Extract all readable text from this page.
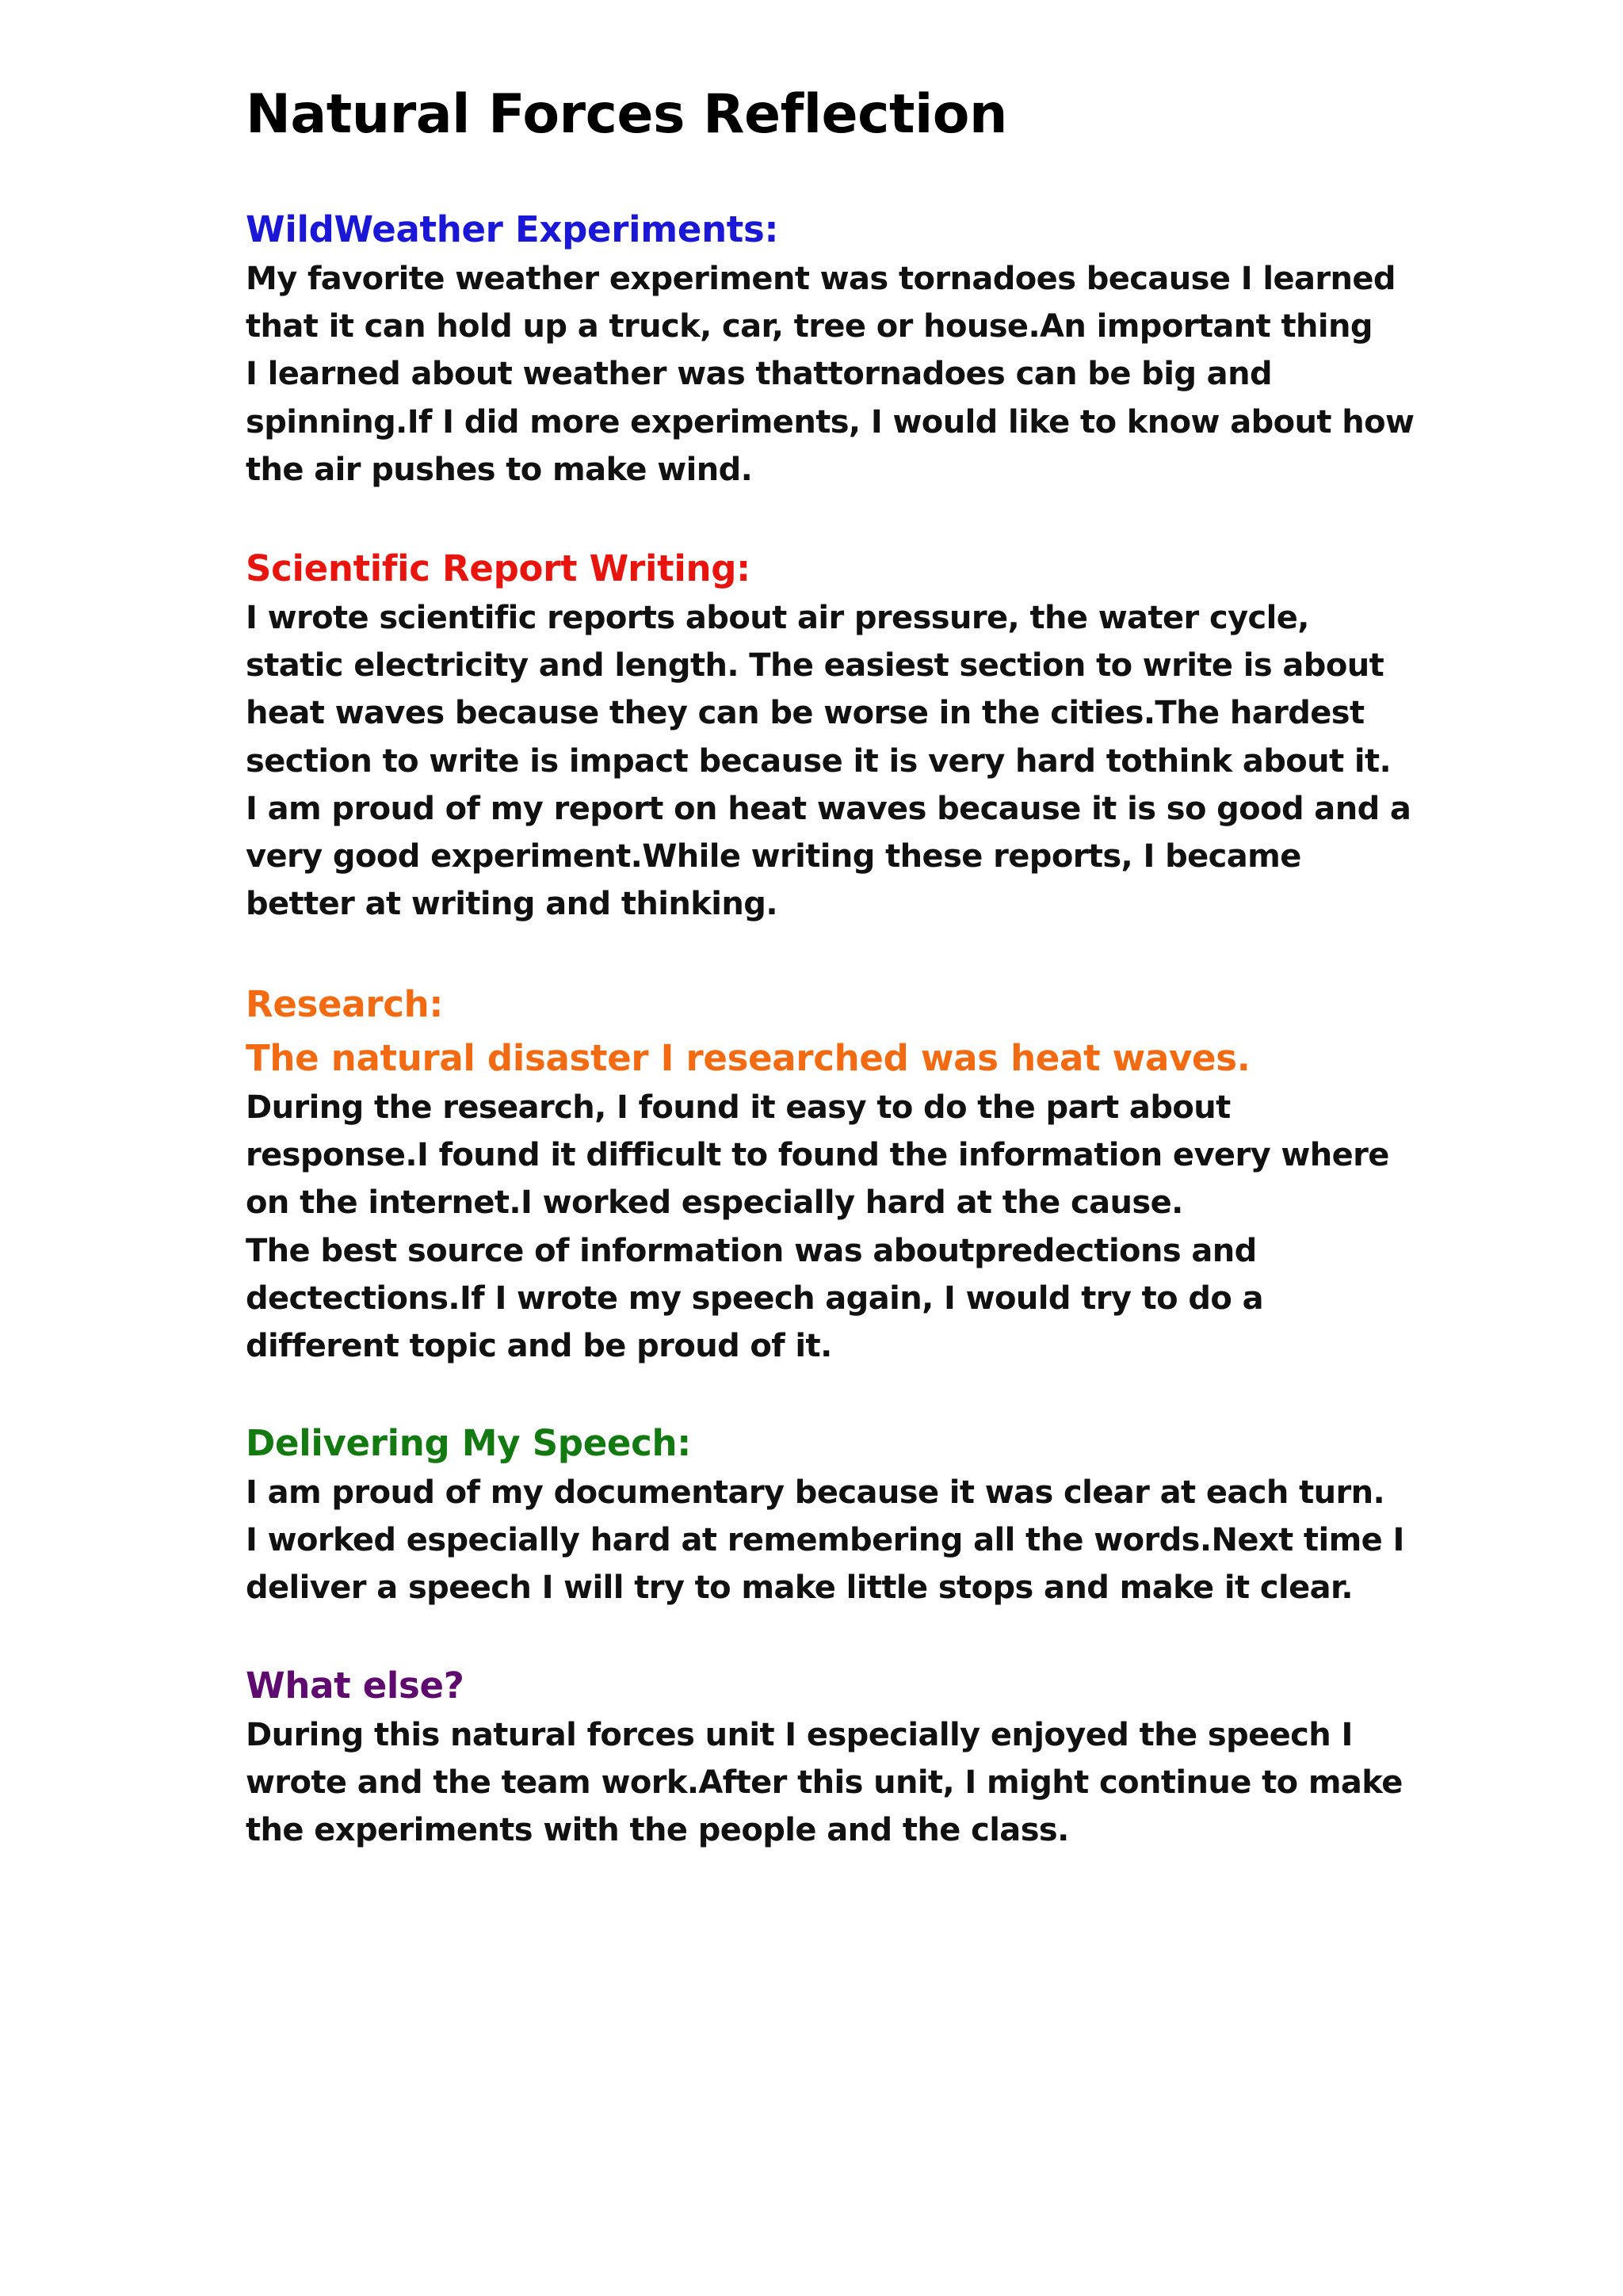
Natural Forces Reflection

WildWeather Experiments:

My favorite weather experiment was tornadoes because I learned

that it can hold up a truck, car, tree or house.An important thing

I learned about weather was thattornadoes can be big and

spinning.If I did more experiments, I would like to know about how

the air pushes to make wind.

Scientific Report Writing:

I wrote scientific reports about air pressure, the water cycle,

static electricity and length. The easiest section to write is about

heat waves because they can be worse in the cities.The hardest

section to write is impact because it is very hard tothink about it.

I am proud of my report on heat waves because it is so good and a

very good experiment.While writing these reports, I became

better at writing and thinking.

Research:

The natural disaster I researched was heat waves.

During the research, I found it easy to do the part about

response.I found it difficult to found the information every where

on the internet.I worked especially hard at the cause.

The best source of information was aboutpredections and

dectections.If I wrote my speech again, I would try to do a

different topic and be proud of it.

Delivering My Speech:

I am proud of my documentary because it was clear at each turn.

I worked especially hard at remembering all the words.Next time I

deliver a speech I will try to make little stops and make it clear.

What else?

During this natural forces unit I especially enjoyed the speech I

wrote and the team work.After this unit, I might continue to make

the experiments with the people and the class.
